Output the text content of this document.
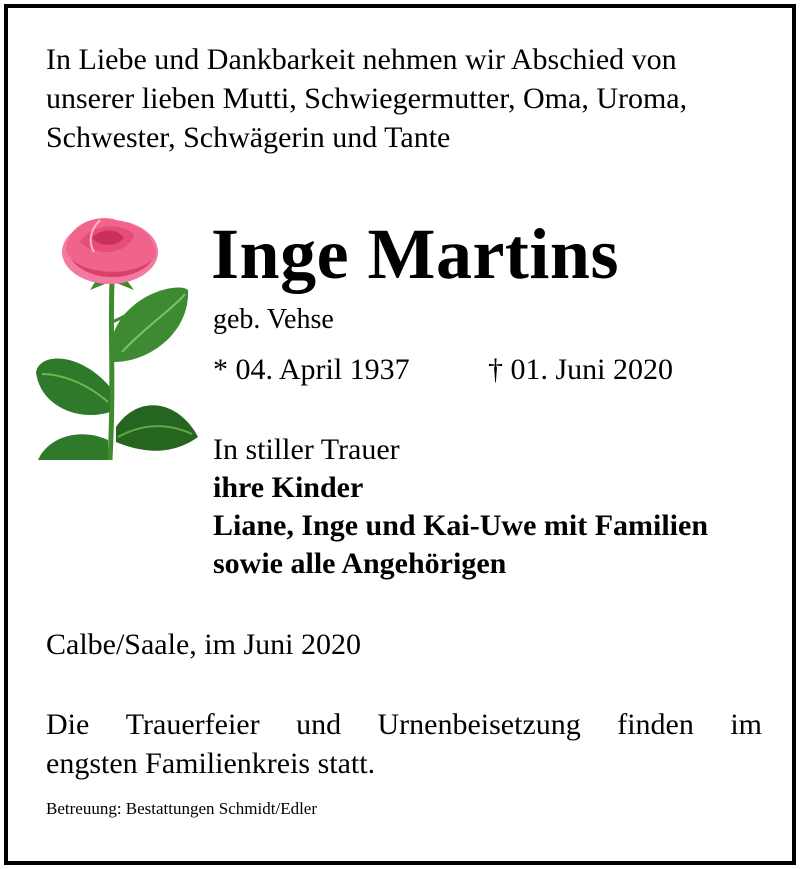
In Liebe und Dankbarkeit nehmen wir Abschied von
unserer lieben Mutti, Schwiegermutter, Oma, Uroma,
Schwester, Schwägerin und Tante
Inge Martins
geb. Vehse
* 04. April 1937	† 01. Juni 2020
In stiller Trauer
ihre Kinder
Liane, Inge und Kai-Uwe mit Familien
sowie alle Angehörigen
Calbe/Saale, im Juni 2020
Die Trauerfeier und Urnenbeisetzung finden im
engsten Familienkreis statt.
Betreuung: Bestattungen Schmidt/Edler
